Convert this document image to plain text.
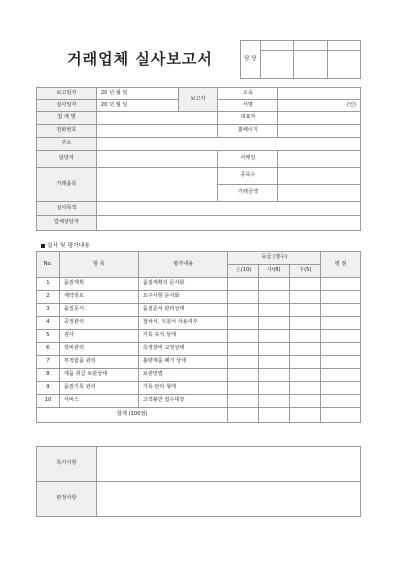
거래업체 실사보고서	담 당			

보고일자	20 년 월 일	보고자	소속	
실사일자	20 년 월 일		서명	(인)
업 체 명			대표자	
전화번호			홈페이지	
주소				
담당자			이메일	
거래품목			종목수	
			거래금액	
실사목적				
업체상담자				
실사 및 평가내용
No.	항 목	평가내용	등급 (점수)			평 점
			上(10)	中(8)	下(5)	
1	품질계획	품질계획의 문서화				
2	계약검토	요구사항 문서화				
3	품질문서	품질문서 관리상태				
4	공정관리	절차서, 지침서 사용여부				
5	검사	기록 유지 상태				
6	장비관리	측정장비 교정상태				
7	부적합품 관리	불량제품 폐기 상태				
8	제품 취급 보관상태	보관방법				
9	품질기록 관리	기록 관리 형태				
10	서비스	고객불만 접수대장				
합계 (100점)						
특기사항	
판정사항	
